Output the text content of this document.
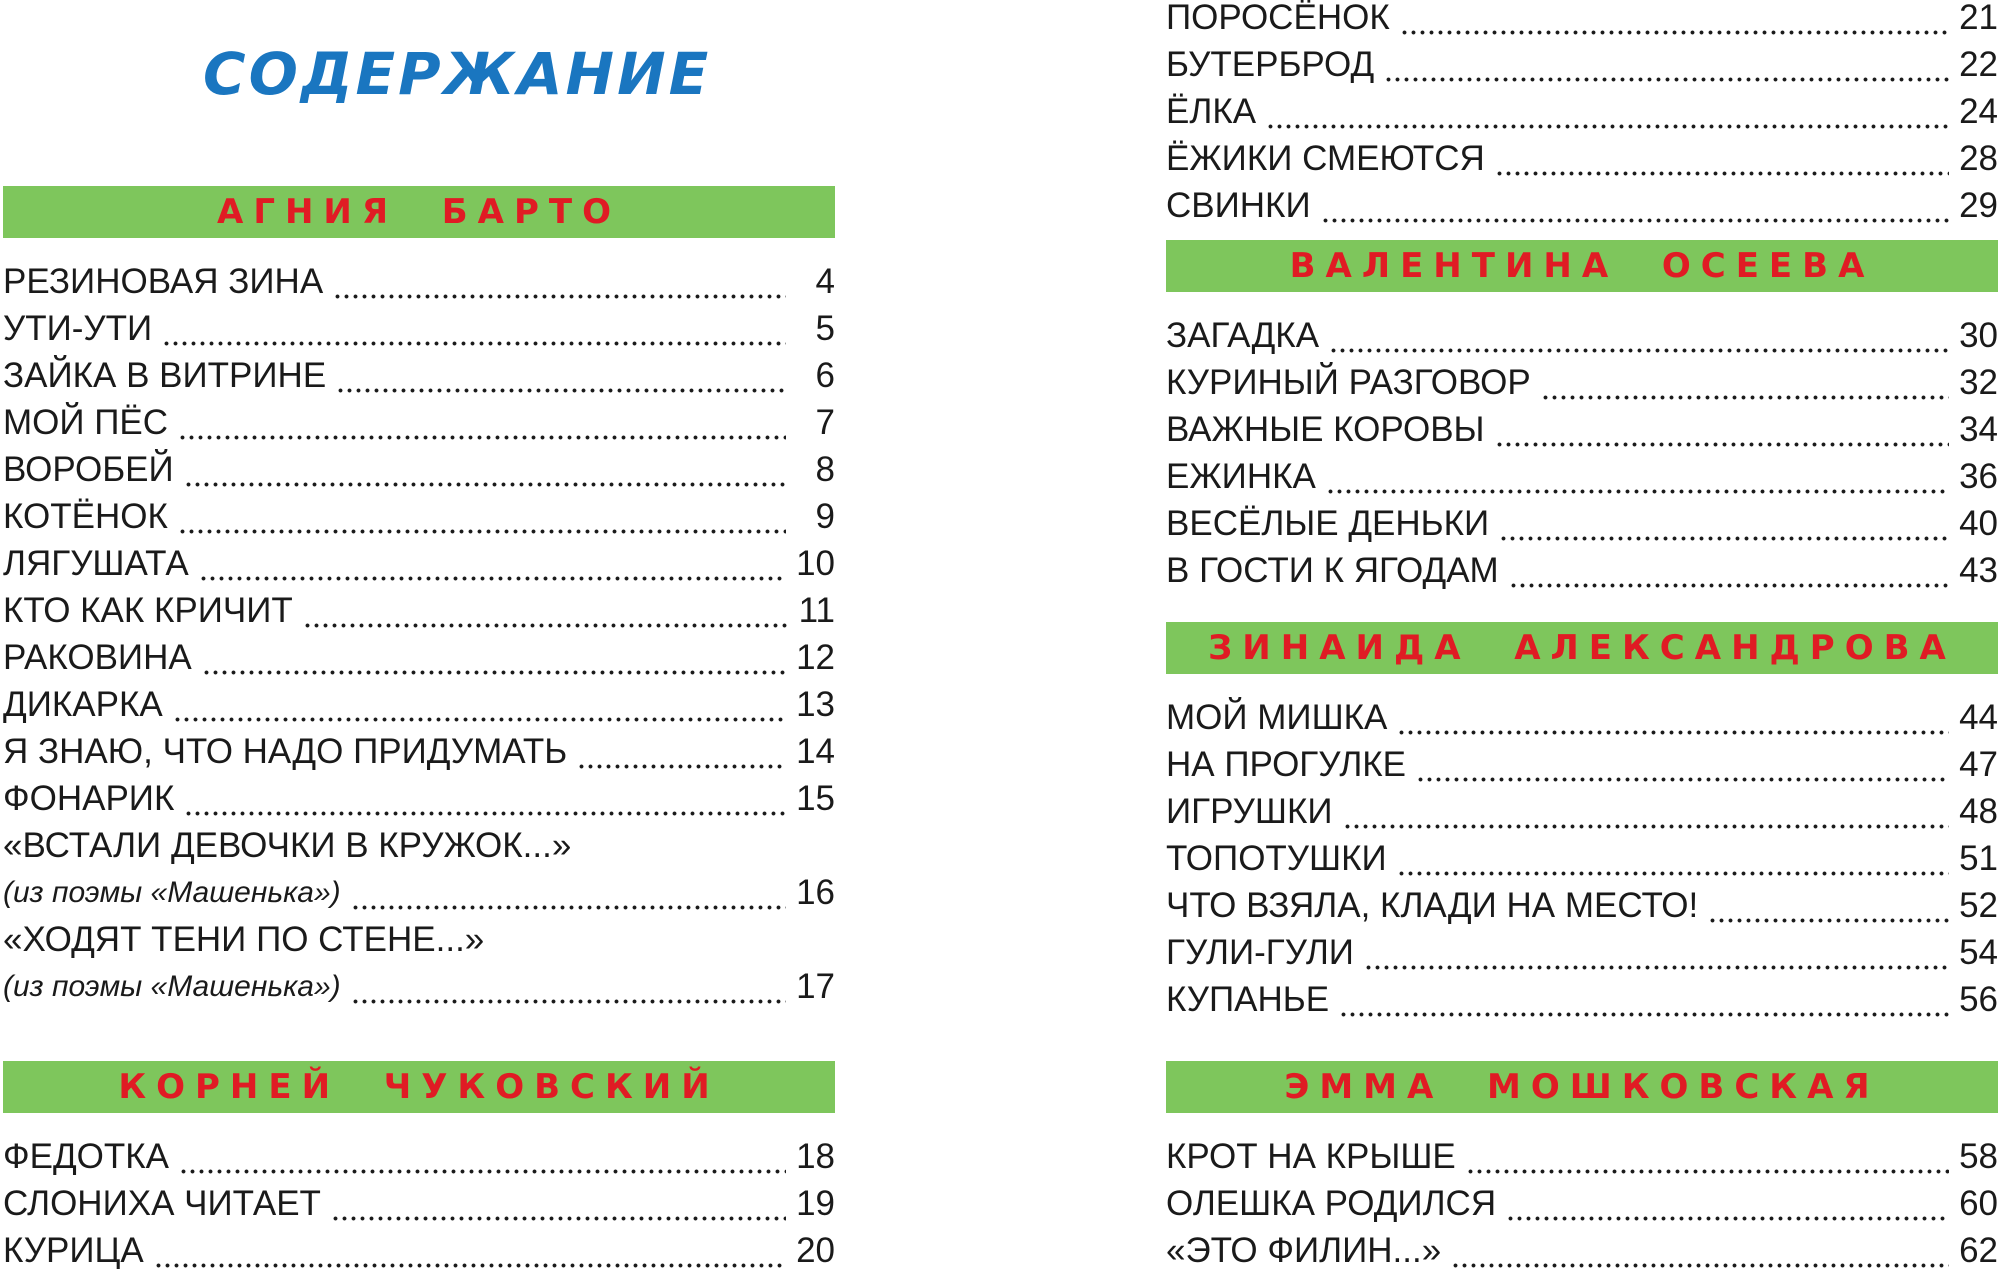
СОДЕРЖАНИЕ
АГНИЯ  БАРТО
РЕЗИНОВАЯ ЗИНА	4
УТИ-УТИ	5
ЗАЙКА В ВИТРИНЕ	6
МОЙ ПЁС	7
ВОРОБЕЙ	8
КОТЁНОК	9
ЛЯГУШАТА	10
КТО КАК КРИЧИТ	11
РАКОВИНА	12
ДИКАРКА	13
Я ЗНАЮ, ЧТО НАДО ПРИДУМАТЬ	14
ФОНАРИК	15
«ВСТАЛИ ДЕВОЧКИ В КРУЖОК...»
(из поэмы «Машенька»)	16
«ХОДЯТ ТЕНИ ПО СТЕНЕ...»
(из поэмы «Машенька»)	17
КОРНЕЙ  ЧУКОВСКИЙ
ФЕДОТКА	18
СЛОНИХА ЧИТАЕТ	19
КУРИЦА	20
ПОРОСЁНОК	21
БУТЕРБРОД	22
ЁЛКА	24
ЁЖИКИ СМЕЮТСЯ	28
СВИНКИ	29
ВАЛЕНТИНА  ОСЕЕВА
ЗАГАДКА	30
КУРИНЫЙ РАЗГОВОР	32
ВАЖНЫЕ КОРОВЫ	34
ЕЖИНКА	36
ВЕСЁЛЫЕ ДЕНЬКИ	40
В ГОСТИ К ЯГОДАМ	43
ЗИНАИДА  АЛЕКСАНДРОВА
МОЙ МИШКА	44
НА ПРОГУЛКЕ	47
ИГРУШКИ	48
ТОПОТУШКИ	51
ЧТО ВЗЯЛА, КЛАДИ НА МЕСТО!	52
ГУЛИ-ГУЛИ	54
КУПАНЬЕ	56
ЭММА  МОШКОВСКАЯ
КРОТ НА КРЫШЕ	58
ОЛЕШКА РОДИЛСЯ	60
«ЭТО ФИЛИН...»	62
